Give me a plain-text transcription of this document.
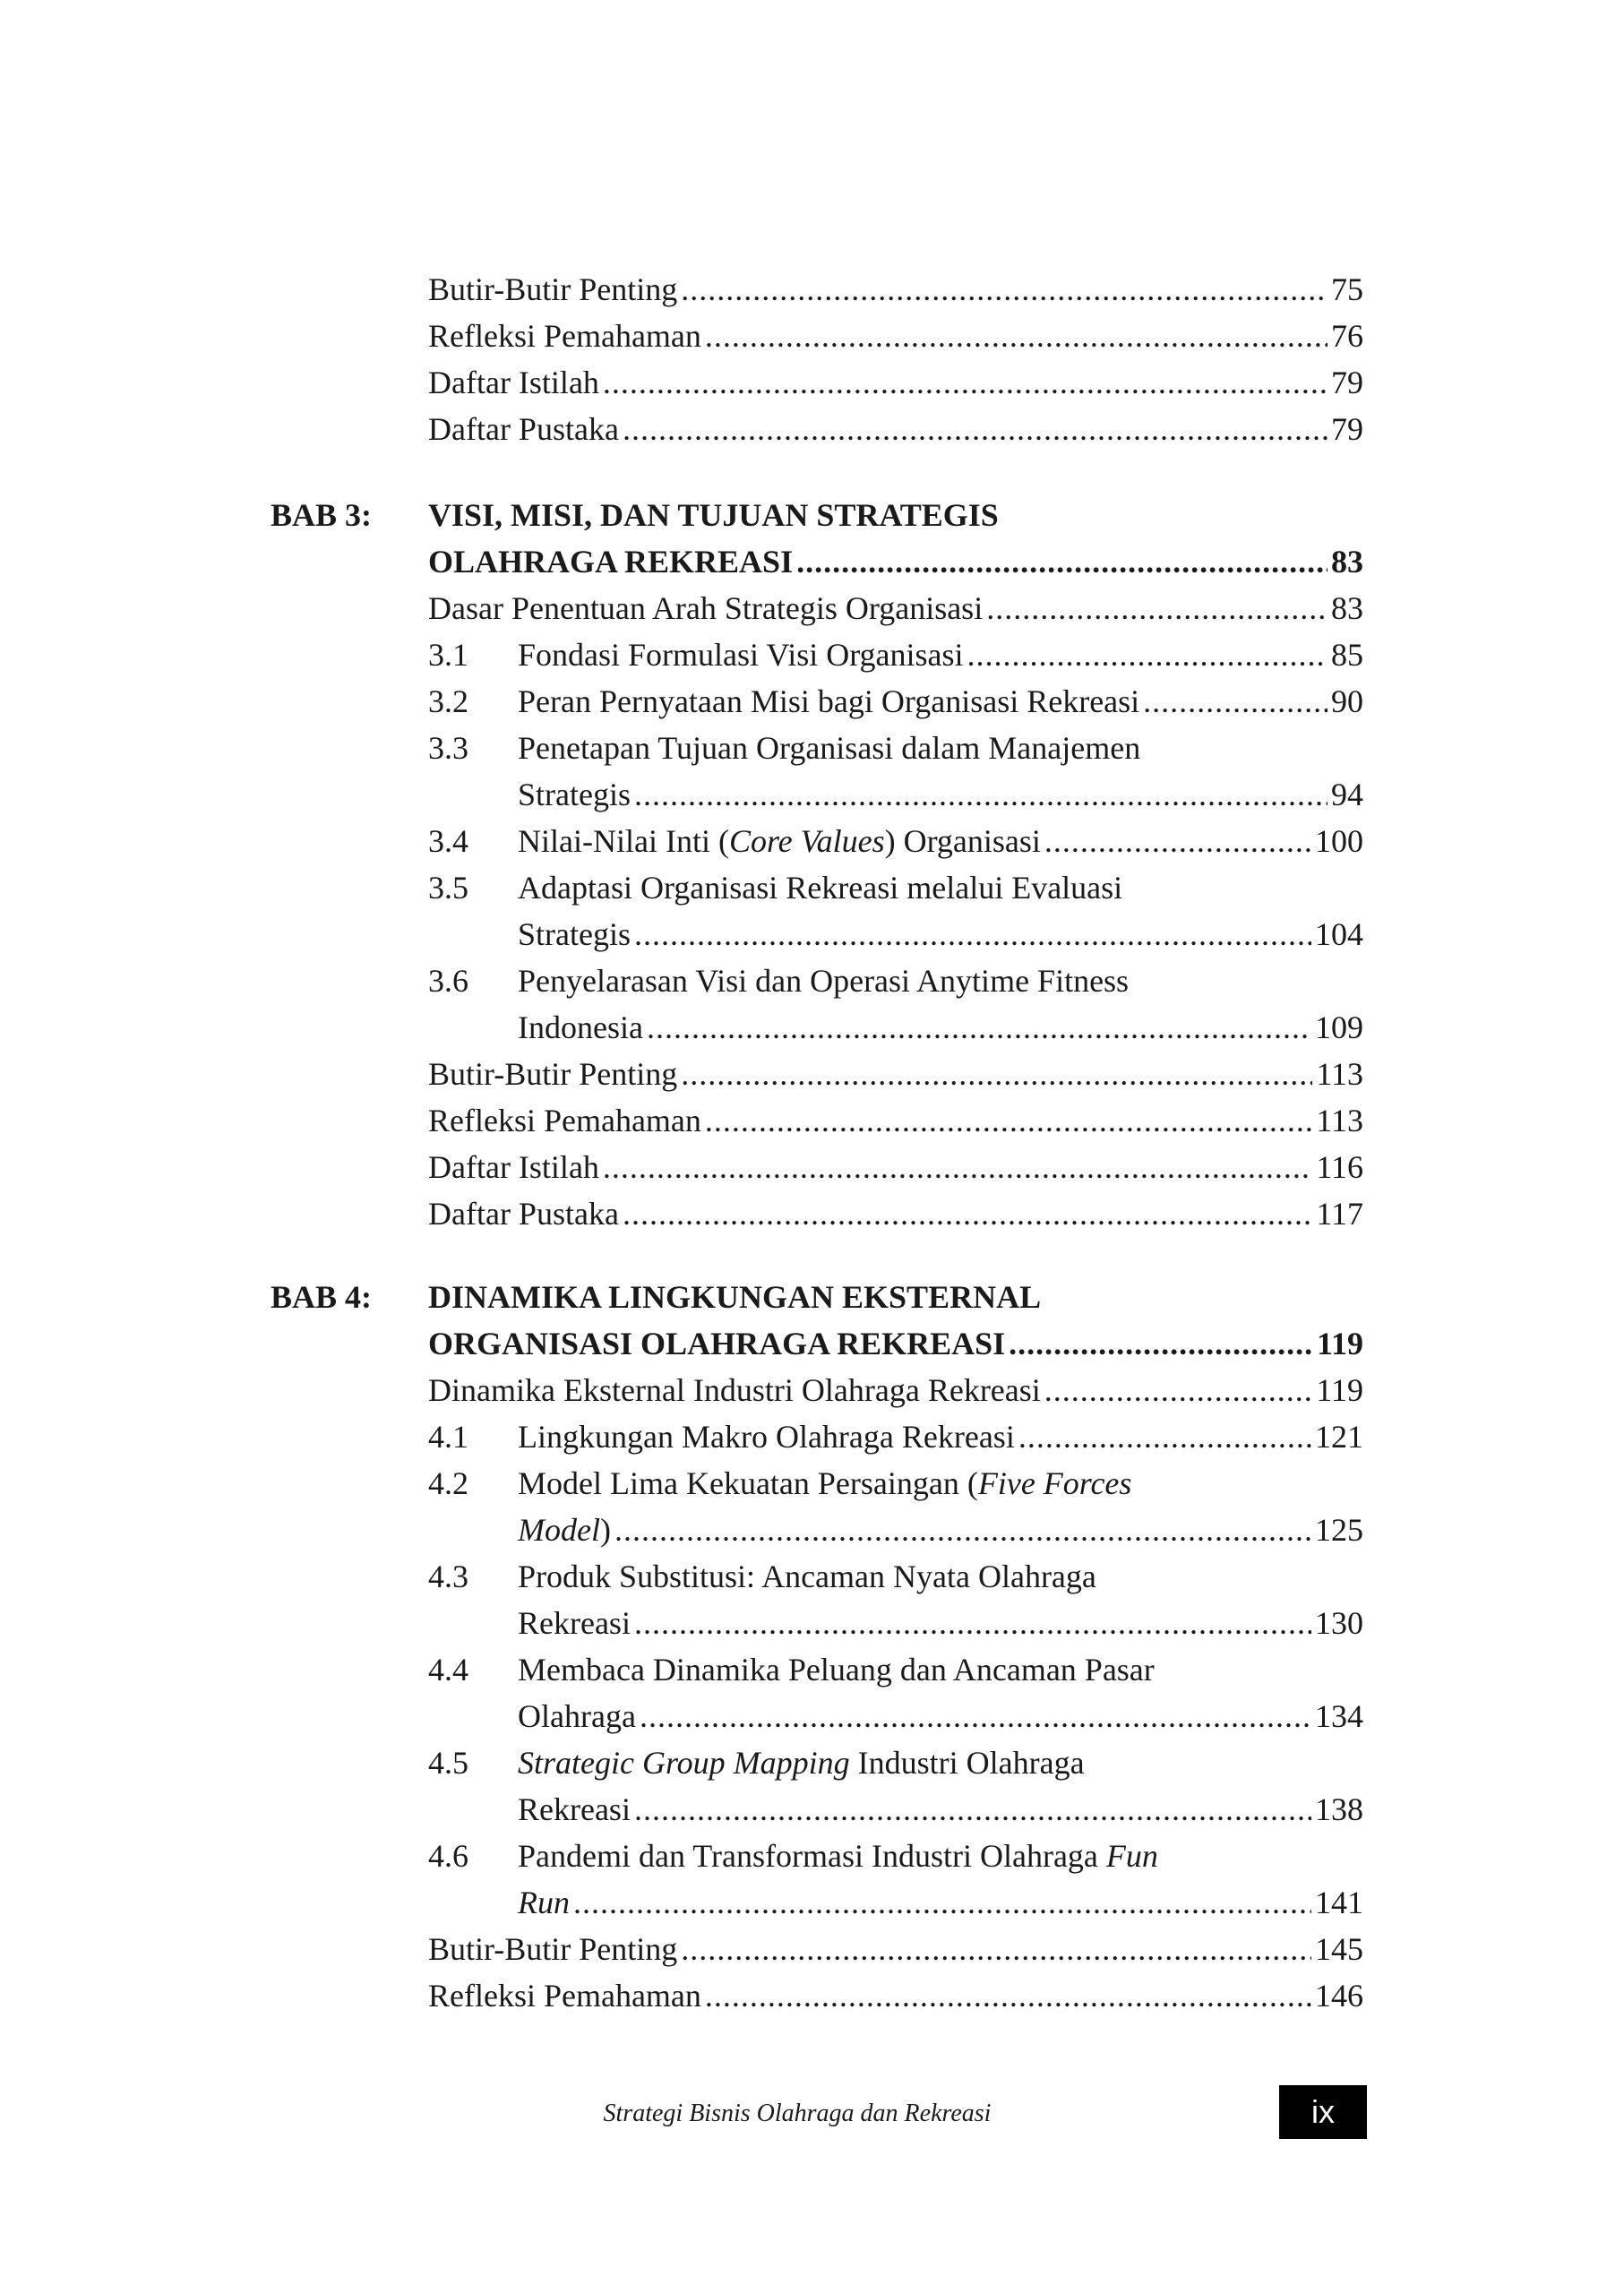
Butir-Butir Penting .....	75
Refleksi Pemahaman .....	76
Daftar Istilah .....	79
Daftar Pustaka .....	79
BAB 3: VISI, MISI, DAN TUJUAN STRATEGIS
OLAHRAGA REKREASI .....	83
Dasar Penentuan Arah Strategis Organisasi .....	83
3.1 Fondasi Formulasi Visi Organisasi .....	85
3.2 Peran Pernyataan Misi bagi Organisasi Rekreasi .....	90
3.3 Penetapan Tujuan Organisasi dalam Manajemen
Strategis .....	94
3.4 Nilai-Nilai Inti (Core Values) Organisasi .....	100
3.5 Adaptasi Organisasi Rekreasi melalui Evaluasi
Strategis .....	104
3.6 Penyelarasan Visi dan Operasi Anytime Fitness
Indonesia .....	109
Butir-Butir Penting .....	113
Refleksi Pemahaman .....	113
Daftar Istilah .....	116
Daftar Pustaka .....	117
BAB 4: DINAMIKA LINGKUNGAN EKSTERNAL
ORGANISASI OLAHRAGA REKREASI .....	119
Dinamika Eksternal Industri Olahraga Rekreasi .....	119
4.1 Lingkungan Makro Olahraga Rekreasi .....	121
4.2 Model Lima Kekuatan Persaingan (Five Forces
Model) .....	125
4.3 Produk Substitusi: Ancaman Nyata Olahraga
Rekreasi .....	130
4.4 Membaca Dinamika Peluang dan Ancaman Pasar
Olahraga .....	134
4.5 Strategic Group Mapping Industri Olahraga
Rekreasi .....	138
4.6 Pandemi dan Transformasi Industri Olahraga Fun
Run .....	141
Butir-Butir Penting .....	145
Refleksi Pemahaman .....	146
Strategi Bisnis Olahraga dan Rekreasi	ix
